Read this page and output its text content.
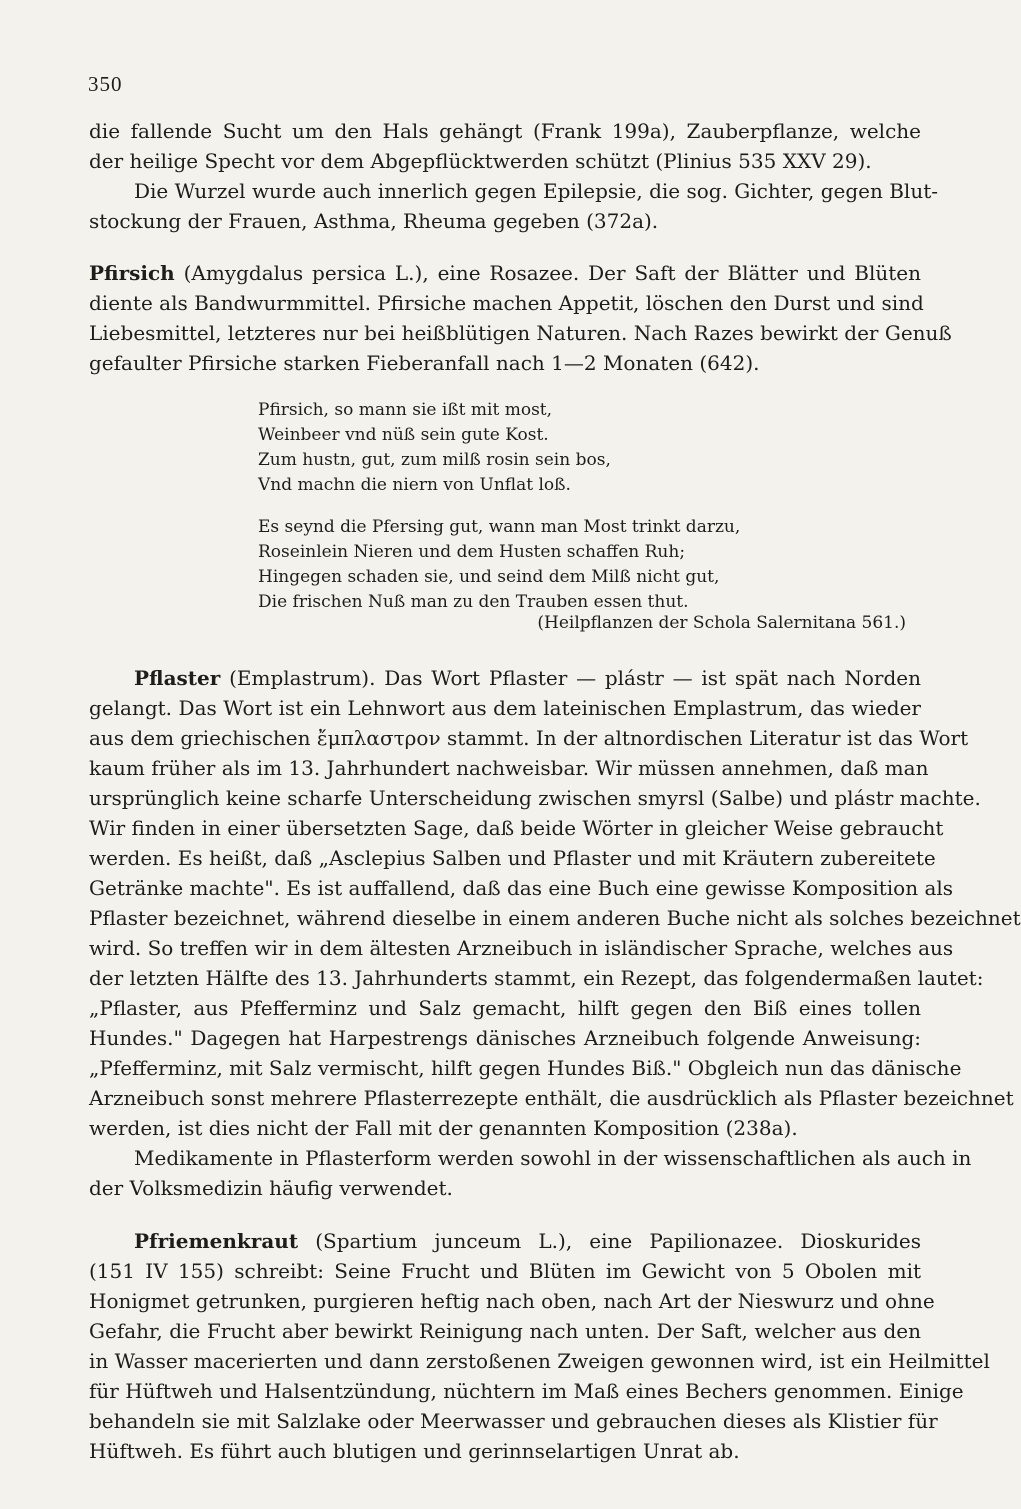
350
die fallende Sucht um den Hals gehängt (Frank 199a), Zauberpflanze, welche
der heilige Specht vor dem Abgepflücktwerden schützt (Plinius 535 XXV 29).
Die Wurzel wurde auch innerlich gegen Epilepsie, die sog. Gichter, gegen Blut-
stockung der Frauen, Asthma, Rheuma gegeben (372a).
Pfirsich (Amygdalus persica L.), eine Rosazee. Der Saft der Blätter und Blüten
diente als Bandwurmmittel. Pfirsiche machen Appetit, löschen den Durst und sind
Liebesmittel, letzteres nur bei heißblütigen Naturen. Nach Razes bewirkt der Genuß
gefaulter Pfirsiche starken Fieberanfall nach 1—2 Monaten (642).
Pfirsich, so mann sie ißt mit most,
Weinbeer vnd nüß sein gute Kost.
Zum hustn, gut, zum milß rosin sein bos,
Vnd machn die niern von Unflat loß.
Es seynd die Pfersing gut, wann man Most trinkt darzu,
Roseinlein Nieren und dem Husten schaffen Ruh;
Hingegen schaden sie, und seind dem Milß nicht gut,
Die frischen Nuß man zu den Trauben essen thut.
(Heilpflanzen der Schola Salernitana 561.)
Pflaster (Emplastrum). Das Wort Pflaster — plástr — ist spät nach Norden
gelangt. Das Wort ist ein Lehnwort aus dem lateinischen Emplastrum, das wieder
aus dem griechischen ἔμπλαστρον stammt. In der altnordischen Literatur ist das Wort
kaum früher als im 13. Jahrhundert nachweisbar. Wir müssen annehmen, daß man
ursprünglich keine scharfe Unterscheidung zwischen smyrsl (Salbe) und plástr machte.
Wir finden in einer übersetzten Sage, daß beide Wörter in gleicher Weise gebraucht
werden. Es heißt, daß „Asclepius Salben und Pflaster und mit Kräutern zubereitete
Getränke machte". Es ist auffallend, daß das eine Buch eine gewisse Komposition als
Pflaster bezeichnet, während dieselbe in einem anderen Buche nicht als solches bezeichnet
wird. So treffen wir in dem ältesten Arzneibuch in isländischer Sprache, welches aus
der letzten Hälfte des 13. Jahrhunderts stammt, ein Rezept, das folgendermaßen lautet:
„Pflaster, aus Pfefferminz und Salz gemacht, hilft gegen den Biß eines tollen
Hundes." Dagegen hat Harpestrengs dänisches Arzneibuch folgende Anweisung:
„Pfefferminz, mit Salz vermischt, hilft gegen Hundes Biß." Obgleich nun das dänische
Arzneibuch sonst mehrere Pflasterrezepte enthält, die ausdrücklich als Pflaster bezeichnet
werden, ist dies nicht der Fall mit der genannten Komposition (238a).
Medikamente in Pflasterform werden sowohl in der wissenschaftlichen als auch in
der Volksmedizin häufig verwendet.
Pfriemenkraut (Spartium junceum L.), eine Papilionazee. Dioskurides
(151 IV 155) schreibt: Seine Frucht und Blüten im Gewicht von 5 Obolen mit
Honigmet getrunken, purgieren heftig nach oben, nach Art der Nieswurz und ohne
Gefahr, die Frucht aber bewirkt Reinigung nach unten. Der Saft, welcher aus den
in Wasser macerierten und dann zerstoßenen Zweigen gewonnen wird, ist ein Heilmittel
für Hüftweh und Halsentzündung, nüchtern im Maß eines Bechers genommen. Einige
behandeln sie mit Salzlake oder Meerwasser und gebrauchen dieses als Klistier für
Hüftweh. Es führt auch blutigen und gerinnselartigen Unrat ab.
